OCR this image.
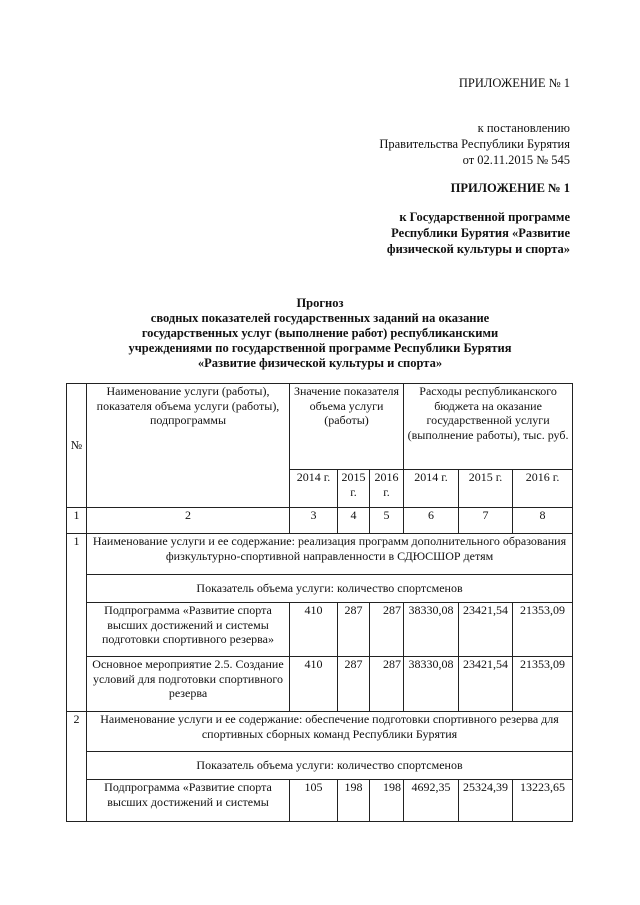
ПРИЛОЖЕНИЕ № 1
к постановлению
Правительства Республики Бурятия
от 02.11.2015 № 545
ПРИЛОЖЕНИЕ № 1
к Государственной программе
Республики Бурятия «Развитие
физической культуры и спорта»
Прогноз
сводных показателей государственных заданий на оказание
государственных услуг (выполнение работ) республиканскими
учреждениями по государственной программе Республики Бурятия
«Развитие физической культуры и спорта»
№	Наименование услуги (работы), показателя объема услуги (работы), подпрограммы	Значение показателя объема услуги (работы)			Расходы республиканского бюджета на оказание государственной услуги (выполнение работы), тыс. руб.		
		2014 г.	2015 г.	2016 г.	2014 г.	2015 г.	2016 г.
1	2	3	4	5	6	7	8
1	Наименование услуги и ее содержание: реализация программ дополнительного образования физкультурно-спортивной направленности в СДЮСШОР детям						
	Показатель объема услуги: количество спортсменов						
	Подпрограмма «Развитие спорта высших достижений и системы подготовки спортивного резерва»	410	287	287	38330,08	23421,54	21353,09
	Основное мероприятие 2.5. Создание условий для подготовки спортивного резерва	410	287	287	38330,08	23421,54	21353,09
2	Наименование услуги и ее содержание: обеспечение подготовки спортивного резерва для спортивных сборных команд Республики Бурятия						
	Показатель объема услуги: количество спортсменов						
	Подпрограмма «Развитие спорта высших достижений и системы	105	198	198	4692,35	25324,39	13223,65
